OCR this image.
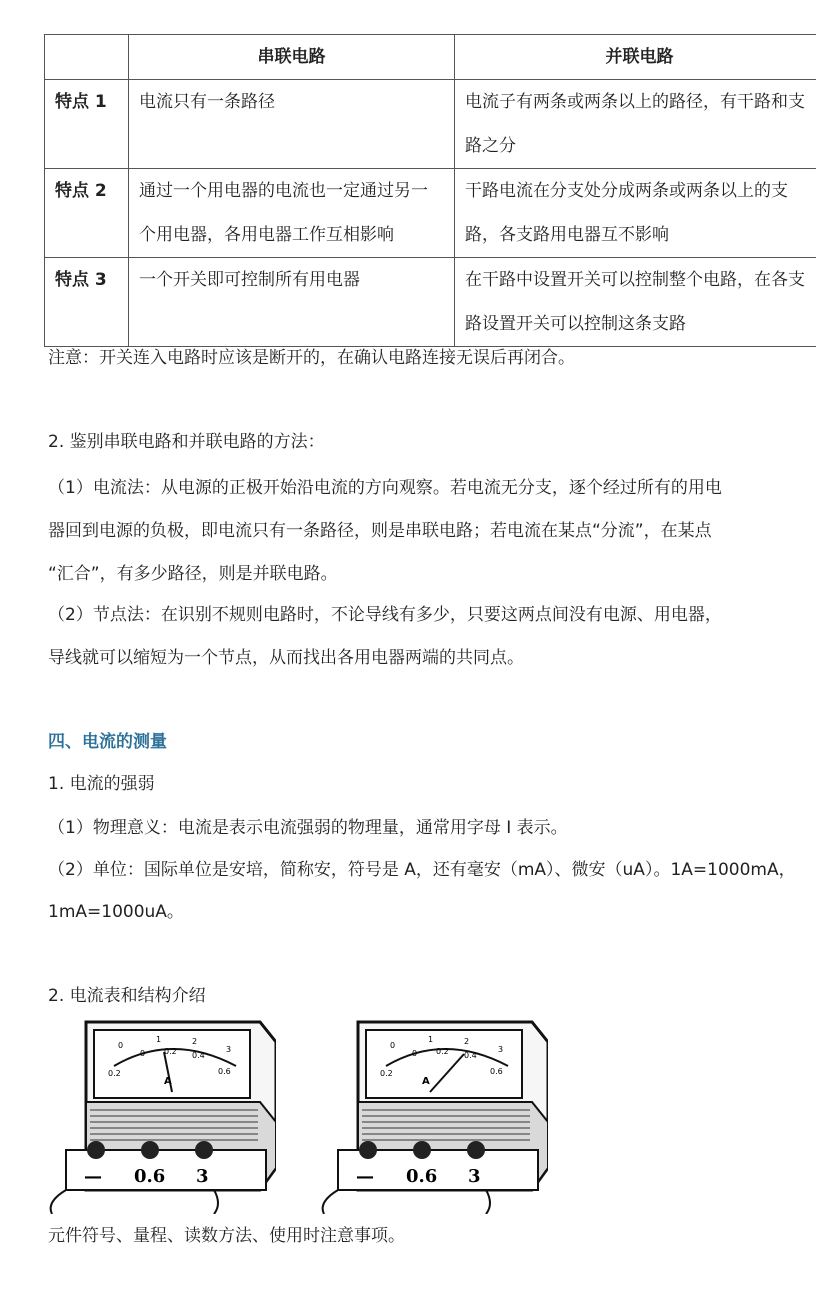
	串联电路	并联电路
特点 1	电流只有一条路径	电流子有两条或两条以上的路径，有干路和支路之分
特点 2	通过一个用电器的电流也一定通过另一个用电器，各用电器工作互相影响	干路电流在分支处分成两条或两条以上的支路，各支路用电器互不影响
特点 3	一个开关即可控制所有用电器	在干路中设置开关可以控制整个电路，在各支路设置开关可以控制这条支路
注意：开关连入电路时应该是断开的，在确认电路连接无误后再闭合。
2. 鉴别串联电路和并联电路的方法：
（1）电流法：从电源的正极开始沿电流的方向观察。若电流无分支，逐个经过所有的用电
器回到电源的负极，即电流只有一条路径，则是串联电路；若电流在某点“分流”，在某点
“汇合”，有多少路径，则是并联电路。
（2）节点法：在识别不规则电路时，不论导线有多少，只要这两点间没有电源、用电器，
导线就可以缩短为一个节点，从而找出各用电器两端的共同点。
四、电流的测量
1. 电流的强弱
（1）物理意义：电流是表示电流强弱的物理量，通常用字母 I 表示。
（2）单位：国际单位是安培，简称安，符号是 A，还有毫安（mA）、微安（uA）。1A=1000mA，
1mA=1000uA。
2. 电流表和结构介绍
0.2
0 0.2 0.4
0.6
0
1	2
3
A
— 0.6 3
0.2
0 0.2 0.4
0.6
0
1	2
3
A
— 0.6 3
元件符号、量程、读数方法、使用时注意事项。
